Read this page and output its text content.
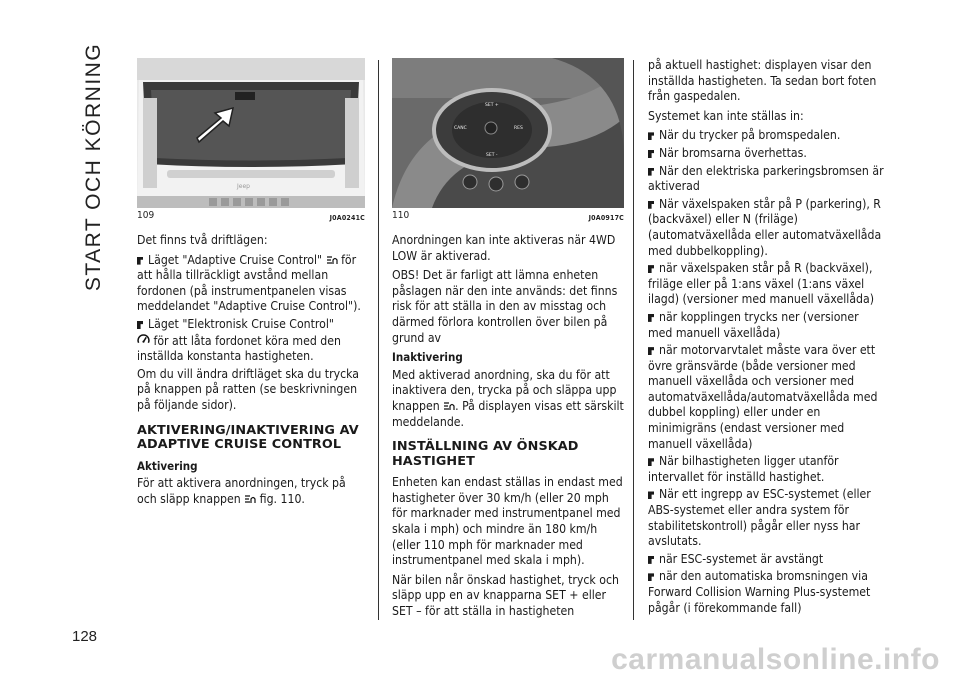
START OCH KÖRNING
128
Jeep
109	J0A0241C

Det finns två driftlägen:

Läget "Adaptive Cruise Control" för att hålla tillräckligt avstånd mellan fordonen (på instrumentpanelen visas meddelandet "Adaptive Cruise Control").
Läget "Elektronisk Cruise Control"
för att låta fordonet köra med den inställda konstanta hastigheten.

Om du vill ändra driftläget ska du trycka på knappen på ratten (se beskrivningen på följande sidor).

AKTIVERING/INAKTIVERING AV ADAPTIVE CRUISE CONTROL
Aktivering

För att aktivera anordningen, tryck på och släpp knappen fig. 110.

SET +
CANC	RES
SET -
110	J0A0917C

Anordningen kan inte aktiveras när 4WD LOW är aktiverad.

OBS! Det är farligt att lämna enheten påslagen när den inte används: det finns risk för att ställa in den av misstag och därmed förlora kontrollen över bilen på grund av

Inaktivering

Med aktiverad anordning, ska du för att inaktivera den, trycka på och släppa upp knappen . På displayen visas ett särskilt meddelande.

INSTÄLLNING AV ÖNSKAD HASTIGHET

Enheten kan endast ställas in endast med hastigheter över 30 km/h (eller 20 mph för marknader med instrumentpanel med skala i mph) och mindre än 180 km/h (eller 110 mph för marknader med instrumentpanel med skala i mph).

När bilen når önskad hastighet, tryck och släpp upp en av knapparna SET + eller SET – för att ställa in hastigheten

på aktuell hastighet: displayen visar den inställda hastigheten. Ta sedan bort foten från gaspedalen.

Systemet kan inte ställas in:

När du trycker på bromspedalen.
När bromsarna överhettas.
När den elektriska parkeringsbromsen är aktiverad
När växelspaken står på P (parkering), R (backväxel) eller N (friläge) (automatväxellåda eller automatväxellåda med dubbelkoppling).
när växelspaken står på R (backväxel), friläge eller på 1:ans växel (1:ans växel ilagd) (versioner med manuell växellåda)
när kopplingen trycks ner (versioner med manuell växellåda)
när motorvarvtalet måste vara över ett övre gränsvärde (både versioner med manuell växellåda och versioner med automatväxellåda/automatväxellåda med dubbel koppling) eller under en minimigräns (endast versioner med manuell växellåda)
När bilhastigheten ligger utanför intervallet för inställd hastighet.
När ett ingrepp av ESC-systemet (eller ABS-systemet eller andra system för stabilitetskontroll) pågår eller nyss har avslutats.
när ESC-systemet är avstängt
när den automatiska bromsningen via Forward Collision Warning Plus-systemet pågår (i förekommande fall)
carmanualsonline.info
